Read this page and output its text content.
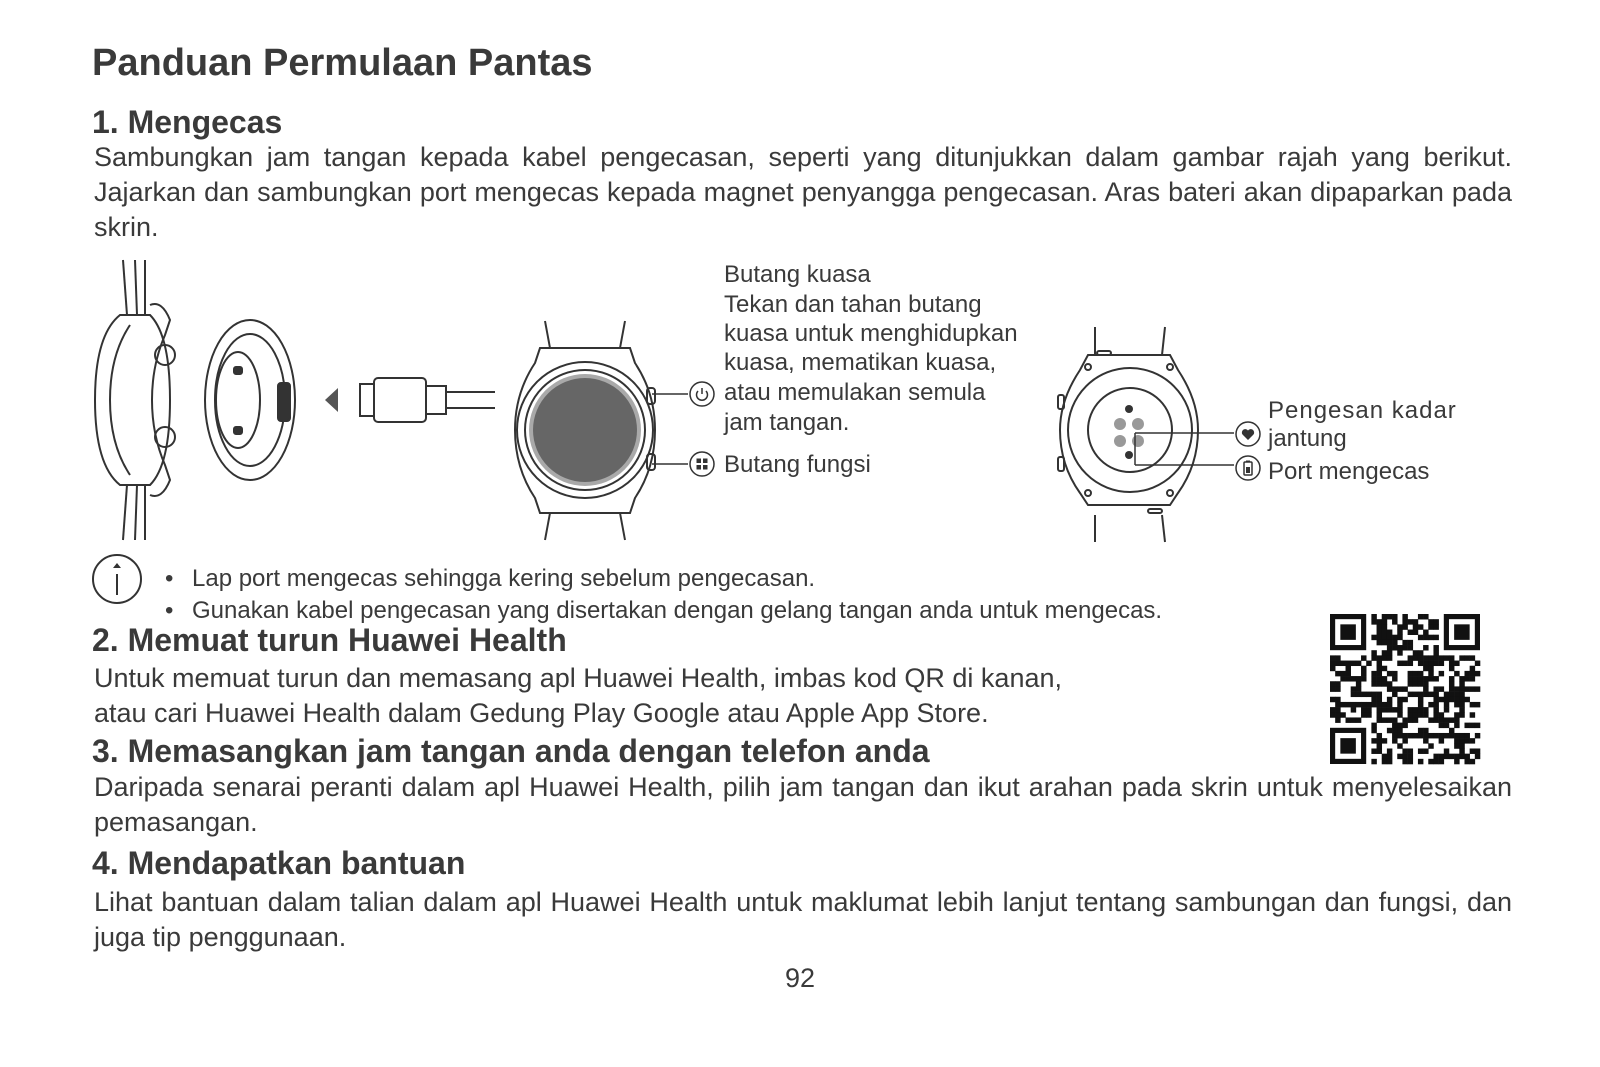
Panduan Permulaan Pantas
1. Mengecas

Sambungkan jam tangan kepada kabel pengecasan, seperti yang ditunjukkan dalam gambar rajah yang berikut. Jajarkan dan sambungkan port mengecas kepada magnet penyangga pengecasan. Aras bateri akan dipaparkan pada skrin.

Butang kuasa
Tekan dan tahan butang
kuasa untuk menghidupkan
kuasa, mematikan kuasa,
atau memulakan semula
jam tangan.
Butang fungsi
Pengesan kadar
jantung
Port mengecas
• Lap port mengecas sehingga kering sebelum pengecasan.
• Gunakan kabel pengecasan yang disertakan dengan gelang tangan anda untuk mengecas.
2. Memuat turun Huawei Health

Untuk memuat turun dan memasang apl Huawei Health, imbas kod QR di kanan,

atau cari Huawei Health dalam Gedung Play Google atau Apple App Store.

3. Memasangkan jam tangan anda dengan telefon anda

Daripada senarai peranti dalam apl Huawei Health, pilih jam tangan dan ikut arahan pada skrin untuk menyelesaikan pemasangan.

4. Mendapatkan bantuan

Lihat bantuan dalam talian dalam apl Huawei Health untuk maklumat lebih lanjut tentang sambungan dan fungsi, dan juga tip penggunaan.

92
